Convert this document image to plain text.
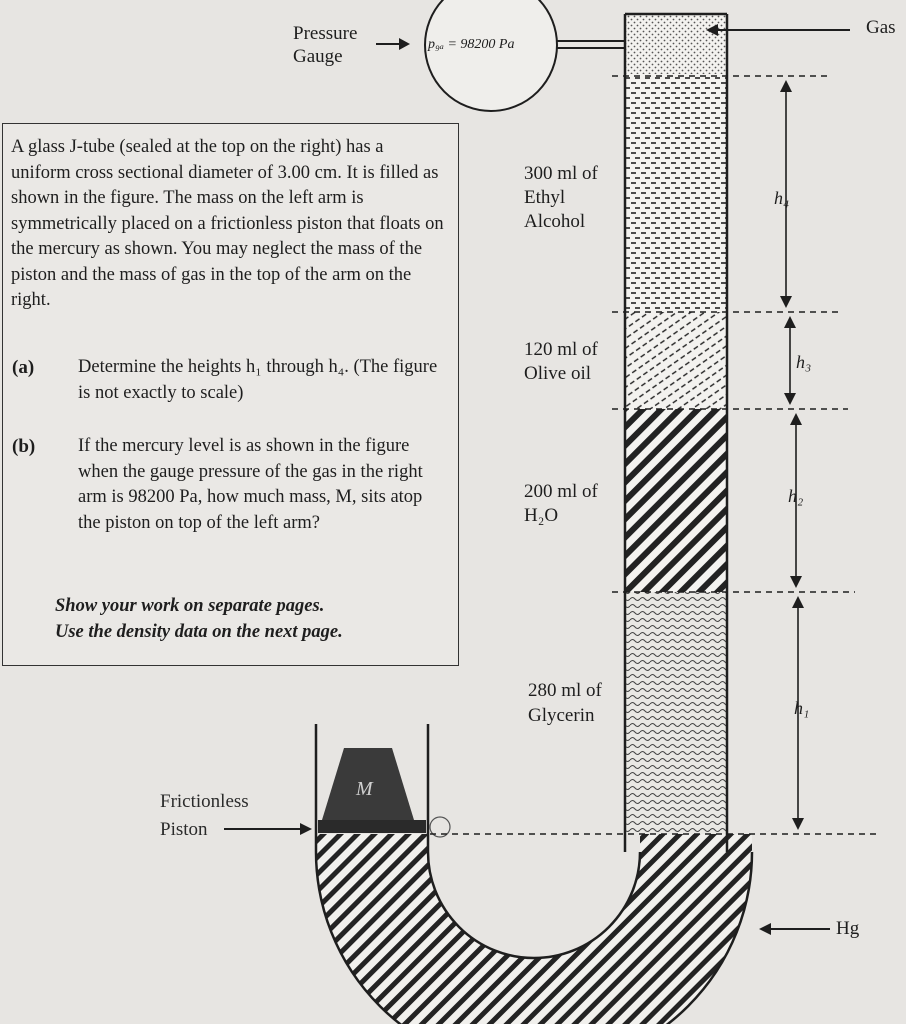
A glass J-tube (sealed at the top on the right) has a uniform cross sectional diameter of 3.00 cm. It is filled as shown in the figure. The mass on the left arm is symmetrically placed on a frictionless piston that floats on the mercury as shown. You may neglect the mass of the piston and the mass of gas in the top of the arm on the right.
(a) Determine the heights h₁ through h₄. (The figure is not exactly to scale)
(b) If the mercury level is as shown in the figure when the gauge pressure of the gas in the right arm is 98200 Pa, how much mass, M, sits atop the piston on top of the left arm?
Show your work on separate pages.
Use the density data on the next page.
Pressure
Gauge
p₉ₐ = 98200 Pa
Gas
Hg
M
Frictionless
Piston
300 ml of
Ethyl
Alcohol
120 ml of
Olive oil
200 ml of
H₂O
280 ml of
Glycerin
h₄
h₃
h₂
h₁
